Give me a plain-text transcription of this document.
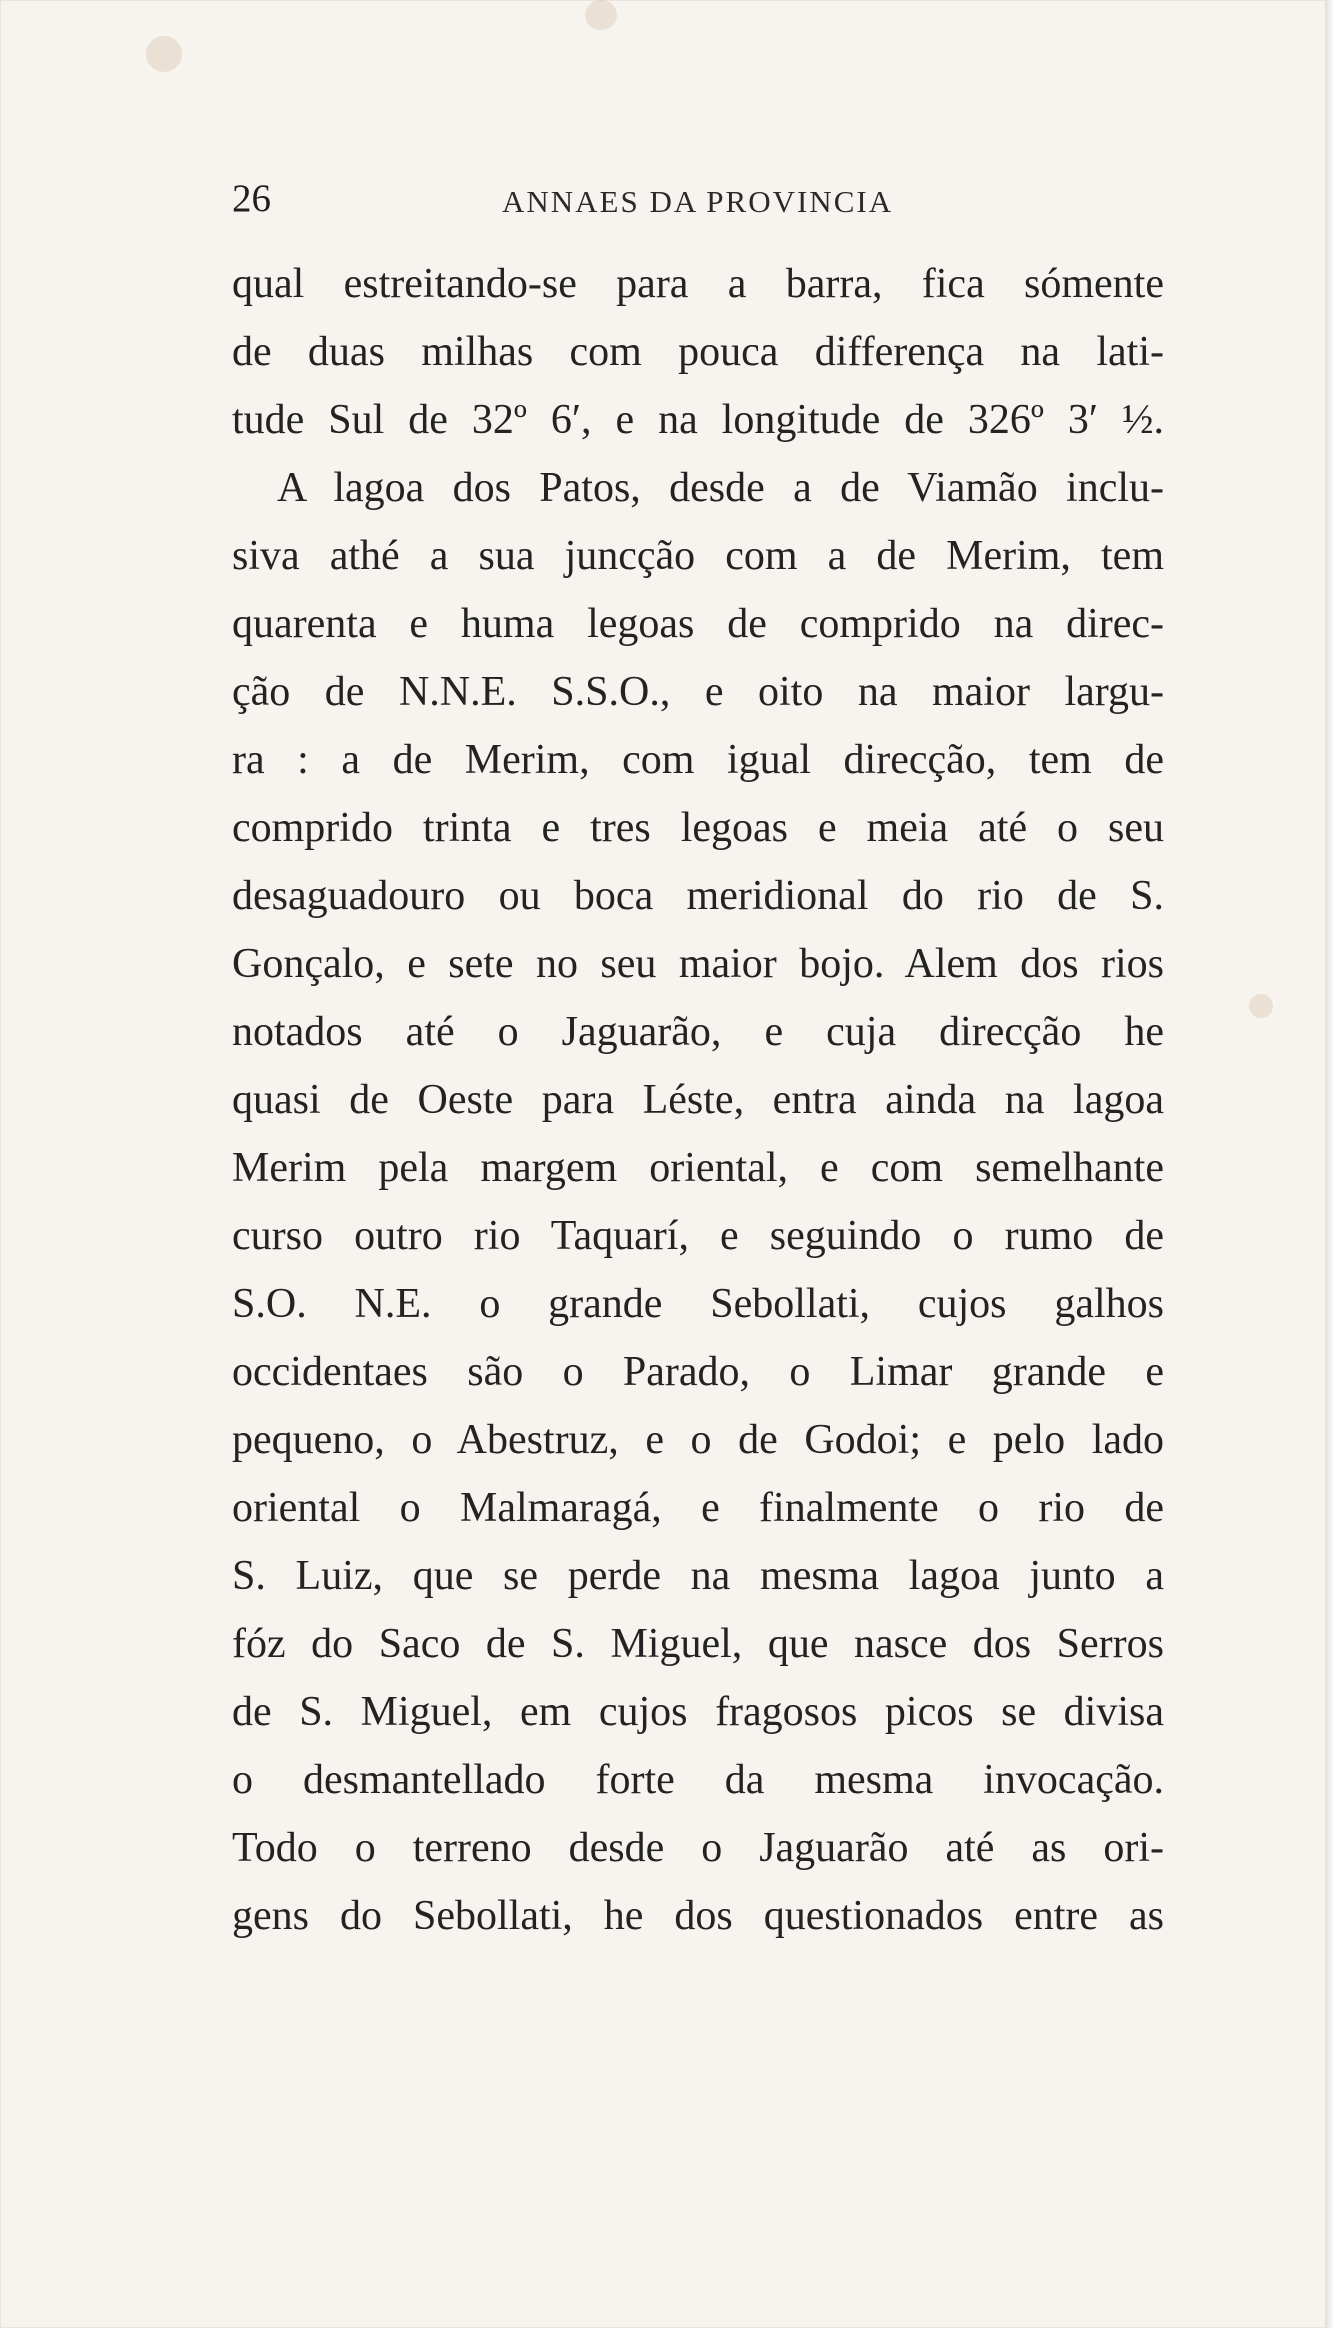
26	ANNAES DA PROVINCIA
qual estreitando-se para a barra, fica sómente
de duas milhas com pouca differença na lati-
tude Sul de 32º 6′, e na longitude de 326º 3′ ½.
A lagoa dos Patos, desde a de Viamão inclu-
siva athé a sua juncção com a de Merim, tem
quarenta e huma legoas de comprido na direc-
ção de N.N.E. S.S.O., e oito na maior largu-
ra : a de Merim, com igual direcção, tem de
comprido trinta e tres legoas e meia até o seu
desaguadouro ou boca meridional do rio de S.
Gonçalo, e sete no seu maior bojo. Alem dos rios
notados até o Jaguarão, e cuja direcção he
quasi de Oeste para Léste, entra ainda na lagoa
Merim pela margem oriental, e com semelhante
curso outro rio Taquarí, e seguindo o rumo de
S.O. N.E. o grande Sebollati, cujos galhos
occidentaes são o Parado, o Limar grande e
pequeno, o Abestruz, e o de Godoi; e pelo lado
oriental o Malmaragá, e finalmente o rio de
S. Luiz, que se perde na mesma lagoa junto a
fóz do Saco de S. Miguel, que nasce dos Serros
de S. Miguel, em cujos fragosos picos se divisa
o desmantellado forte da mesma invocação.
Todo o terreno desde o Jaguarão até as ori-
gens do Sebollati, he dos questionados entre as
